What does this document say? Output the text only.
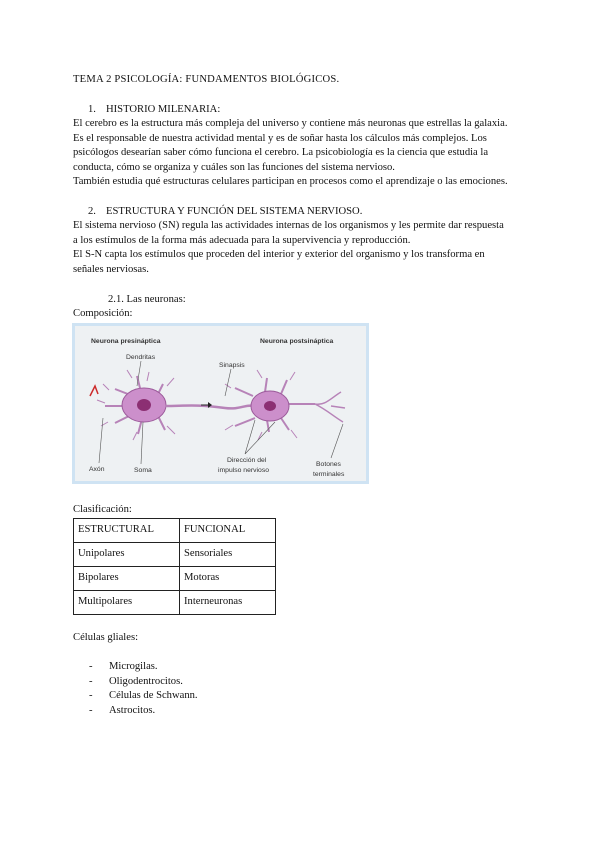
TEMA 2 PSICOLOGÍA: FUNDAMENTOS BIOLÓGICOS.
1. HISTORIO MILENARIA:
El cerebro es la estructura más compleja del universo y contiene más neuronas que estrellas la galaxia.
Es el responsable de nuestra actividad mental y es de soñar hasta los cálculos más complejos. Los
psicólogos desearían saber cómo funciona el cerebro. La psicobiología es la ciencia que estudia la
conducta, cómo se organiza y cuáles son las funciones del sistema nervioso.
También estudia qué estructuras celulares participan en procesos como el aprendizaje o las emociones.
2. ESTRUCTURA Y FUNCIÓN DEL SISTEMA NERVIOSO.
El sistema nervioso (SN) regula las actividades internas de los organismos y les permite dar respuesta
a los estímulos de la forma más adecuada para la supervivencia y reproducción.
El S-N capta los estímulos que proceden del interior y exterior del organismo y los transforma en
señales nerviosas.
2.1. Las neuronas:
Composición:
Neurona presináptica	Neurona postsináptica
Dendritas
Sinapsis
Axón	Soma
Dirección del
impulso nervioso
Botones
terminales
Clasificación:
ESTRUCTURAL	FUNCIONAL
Unipolares	Sensoriales
Bipolares	Motoras
Multipolares	Interneuronas
Células gliales:
- Microgilas.
- Oligodentrocitos.
- Células de Schwann.
- Astrocitos.
